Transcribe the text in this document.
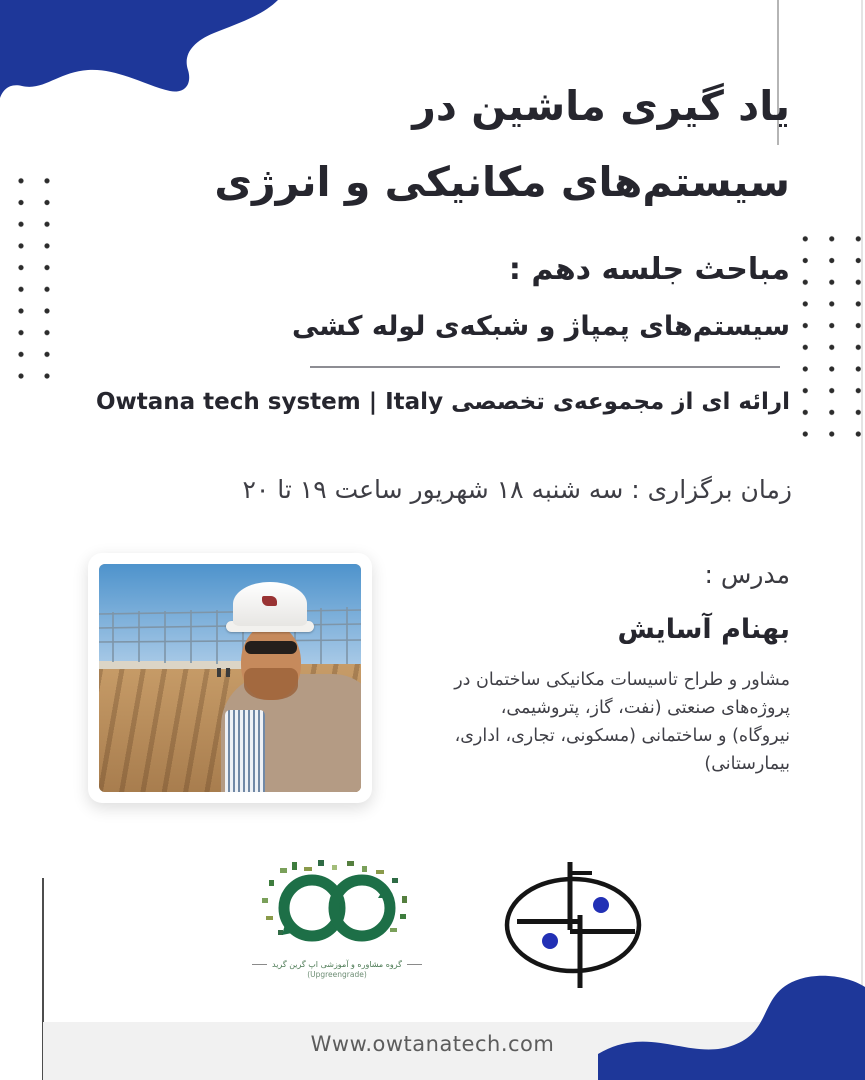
یاد گیری ماشین در
سیستم‌های مکانیکی و انرژی
مباحث جلسه دهم :
سیستم‌های پمپاژ و شبکه‌ی لوله کشی
ارائه ای از مجموعه‌ی تخصصی Owtana tech system | Italy
زمان برگزاری : سه شنبه ۱۸ شهریور ساعت ۱۹ تا ۲۰
مدرس :
بهنام آسایش
مشاور و طراح تاسیسات مکانیکی ساختمان در
پروژه‌های صنعتی (نفت، گاز، پتروشیمی،
نیروگاه) و ساختمانی (مسکونی، تجاری، اداری،
بیمارستانی)
گروه مشاوره و آموزشی اپ گرین گرید
(Upgreengrade)
Www.owtanatech.com
